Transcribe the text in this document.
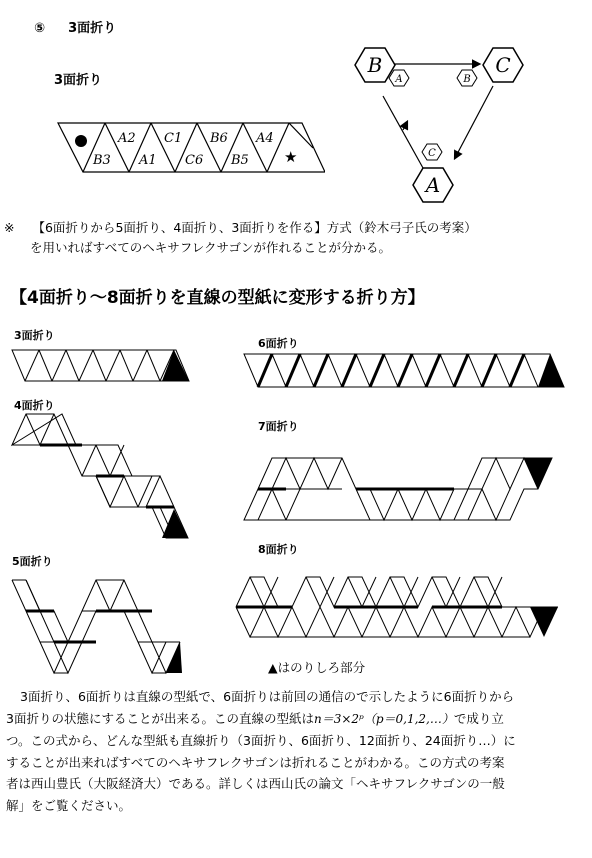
⑤ 3面折り
3面折り
A2 C1 B6 A4
B3 A1 C6 B5 ★
B	C
A
A	B
C
※ 【6面折りから5面折り、4面折り、3面折りを作る】方式（鈴木弓子氏の考案）
を用いればすべてのヘキサフレクサゴンが作れることが分かる。
【4面折り～8面折りを直線の型紙に変形する折り方】
3面折り
4面折り
5面折り
6面折り
7面折り
8面折り
▲はのりしろ部分
3面折り、6面折りは直線の型紙で、6面折りは前回の通信ので示したように6面折りから
3面折りの状態にすることが出来る。この直線の型紙はn＝3×2ᵖ（p＝0,1,2,…）で成り立
つ。この式から、どんな型紙も直線折り（3面折り、6面折り、12面折り、24面折り…）に
することが出来ればすべてのヘキサフレクサゴンは折れることがわかる。この方式の考案
者は西山豊氏（大阪経済大）である。詳しくは西山氏の論文「ヘキサフレクサゴンの一般
解」をご覧ください。
